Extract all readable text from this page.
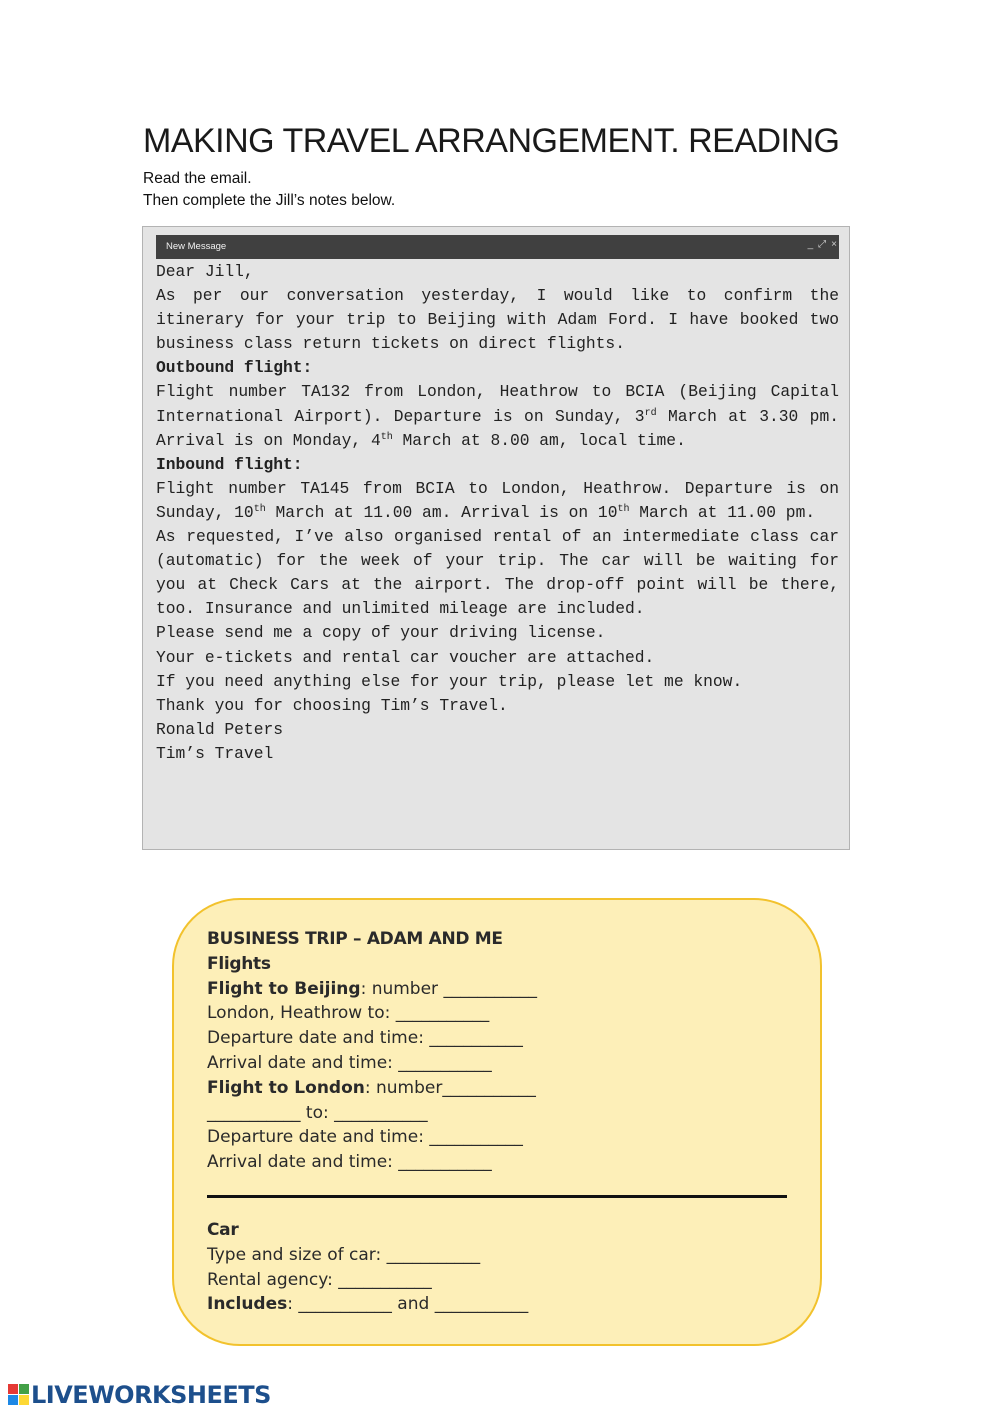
MAKING TRAVEL ARRANGEMENT. READING
Read the email.
Then complete the Jill’s notes below.
New Message	_ ⤢ ×

Dear Jill,

As per our conversation yesterday, I would like to confirm the itinerary for your trip to Beijing with Adam Ford. I have booked two business class return tickets on direct flights.

Outbound flight:

Flight number TA132 from London, Heathrow to BCIA (Beijing Capital International Airport). Departure is on Sunday, 3rd March at 3.30 pm. Arrival is on Monday, 4th March at 8.00 am, local time.

Inbound flight:

Flight number TA145 from BCIA to London, Heathrow. Departure is on Sunday, 10th March at 11.00 am. Arrival is on 10th March at 11.00 pm.

As requested, I’ve also organised rental of an intermediate class car (automatic) for the week of your trip. The car will be waiting for you at Check Cars at the airport. The drop-off point will be there, too. Insurance and unlimited mileage are included.

Please send me a copy of your driving license.

Your e-tickets and rental car voucher are attached.

If you need anything else for your trip, please let me know.

Thank you for choosing Tim’s Travel.

Ronald Peters

Tim’s Travel

BUSINESS TRIP – ADAM AND ME
Flights
Flight to Beijing: number ___________
London, Heathrow to: ___________
Departure date and time: ___________
Arrival date and time: ___________
Flight to London: number___________
___________ to: ___________
Departure date and time: ___________
Arrival date and time: ___________
Car
Type and size of car: ___________
Rental agency: ___________
Includes: ___________ and ___________
LIVEWORKSHEETS
